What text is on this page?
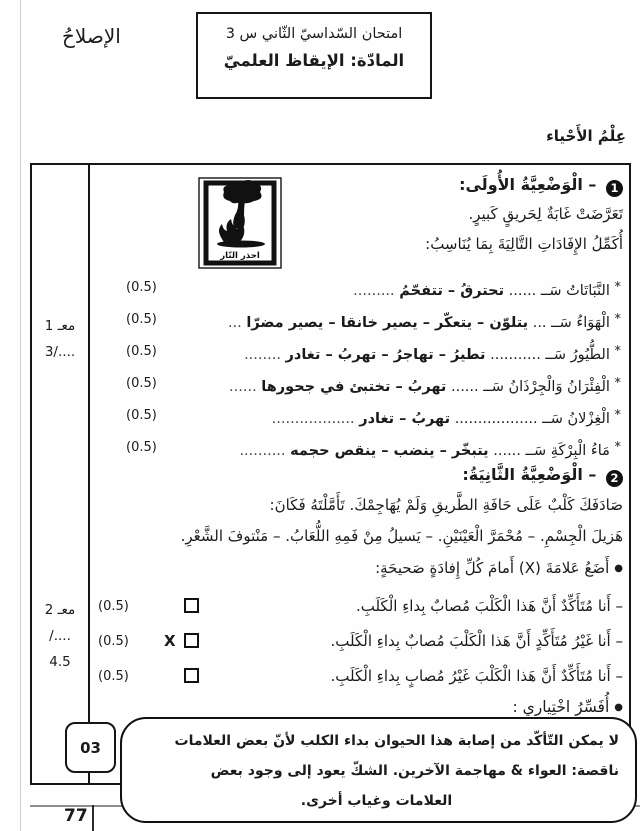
الإصلاحُ	امتحان السّداسيّ الثّاني س 3
المادّة: الإيقاظ العلميّ
عِلْمُ الأَحْياء
معـ 1
3/....
معـ 2
/....
4.5
03
1 – الْوَضْعِيَّةُ الأُولَى:
تَعَرَّضَتْ غَابَةٌ لِحَريقٍ كَبيرٍ.
أُكَمِّلُ الإِفَادَاتِ التَّالِيَةَ بِمَا يُنَاسِبُ:
احذر النّار
* النَّبَاتَاتُ سَــ ...... تحترقُ – تتفحّمُ .........
(0.5)
* الْهَوَاءُ سَــ ... يتلوّن – يتعكّر – يصير خانقا – يصير مضرّا ...
(0.5)
* الطُّيُورُ سَــ ........... تطيرُ – تهاجرُ – تهربُ – تغادر ........
(0.5)
* الْفِئْرَانُ وَالْجِرْذَانُ سَــ ...... تهربُ – تختبئ في جحورها ......
(0.5)
* الْغِزْلانُ سَــ .................. تهربُ – تغادر ..................
(0.5)
* مَاءُ الْبِرْكَةِ سَــ ...... يتبخّر – ينضب – ينقص حجمه ..........
(0.5)
2 – الْوَضْعِيَّةُ الثَّانِيَةُ:
صَادَفَكَ كَلْبٌ عَلَى حَافَةِ الطَّريقِ وَلَمْ يُهَاجِمْكَ. تَأَمَّلْتَهُ فَكَانَ:
هَزيلَ الْجِسْمِ. – مُحْمَرَّ الْعَيْنَيْنِ. – يَسيلُ مِنْ فَمِهِ اللُّعَابُ. – مَنْتوفَ الشَّعْرِ.
● أَضَعُ عَلامَةَ (X) أَمامَ كُلِّ إِفادَةٍ صَحيحَةٍ:
– أَنا مُتَأَكِّدٌ أَنَّ هَذا الْكَلْبَ مُصابٌ بِداءِ الْكَلَبِ.
(0.5)
– أَنا غَيْرُ مُتَأَكِّدٍ أَنَّ هَذا الْكَلْبَ مُصابٌ بِداءِ الْكَلَبِ.
X
(0.5)
– أَنا مُتَأَكِّدٌ أَنَّ هَذا الْكَلْبَ غَيْرُ مُصابٍ بِداءِ الْكَلَبِ.
(0.5)
● أُفَسِّرُ اخْتِياري :
لا يمكن التّأكّد من إصابة هذا الحيوان بداء الكلب لأنّ بعض العلامات
ناقصة: العواء & مهاجمة الآخرين. الشكّ يعود إلى وجود بعض
العلامات وغياب أخرى.
77
